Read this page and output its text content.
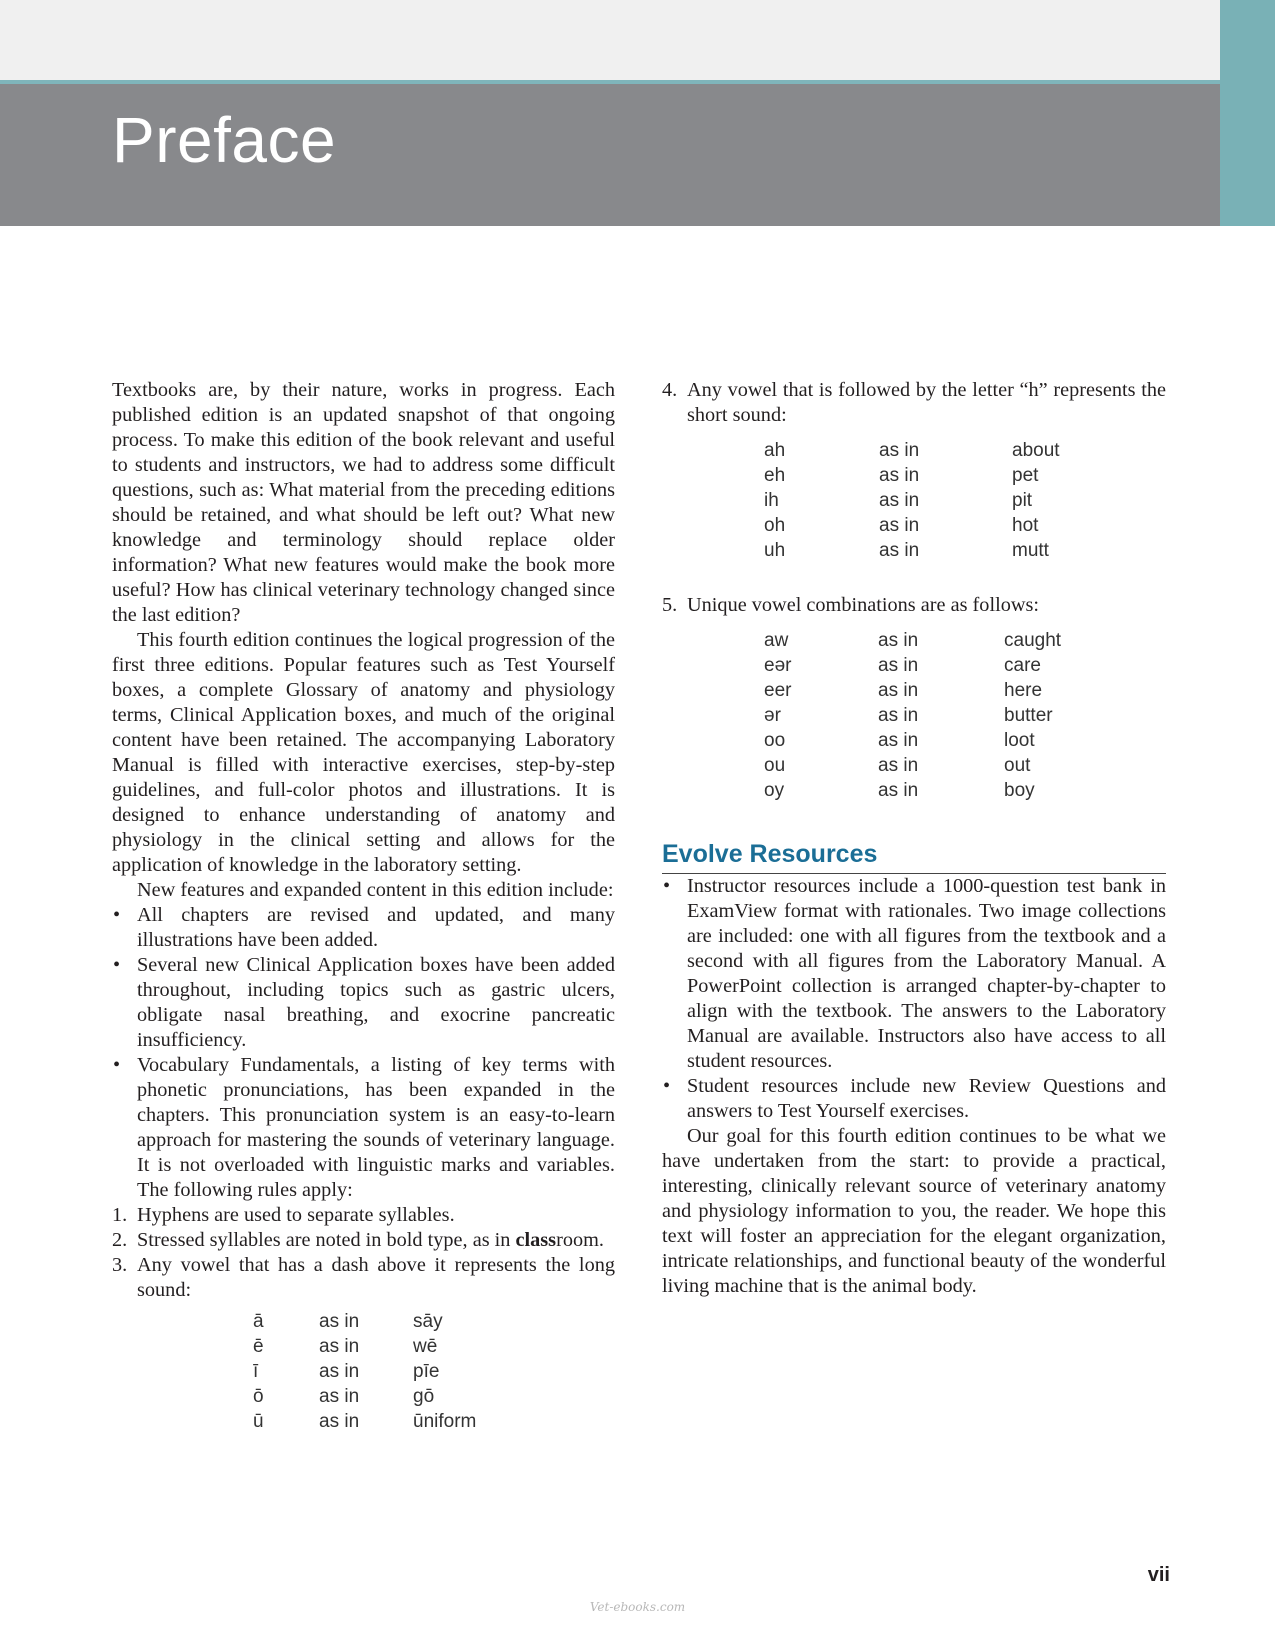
Preface

Textbooks are, by their nature, works in progress. Each published edition is an updated snapshot of that ongoing process. To make this edition of the book relevant and useful to students and instructors, we had to address some difficult questions, such as: What material from the preceding editions should be retained, and what should be left out? What new knowledge and terminology should replace older information? What new features would make the book more useful? How has clinical veterinary technology changed since the last edition?

This fourth edition continues the logical progression of the first three editions. Popular features such as Test Yourself boxes, a complete Glossary of anatomy and physiology terms, Clinical Application boxes, and much of the original content have been retained. The accompanying Laboratory Manual is filled with interactive exercises, step-by-step guidelines, and full-color photos and illustrations. It is designed to enhance understanding of anatomy and physiology in the clinical setting and allows for the application of knowledge in the laboratory setting.

New features and expanded content in this edition include:

• All chapters are revised and updated, and many illustrations have been added.
• Several new Clinical Application boxes have been added throughout, including topics such as gastric ulcers, obligate nasal breathing, and exocrine pancreatic insufficiency.
• Vocabulary Fundamentals, a listing of key terms with phonetic pronunciations, has been expanded in the chapters. This pronunciation system is an easy-to-learn approach for mastering the sounds of veterinary language. It is not overloaded with linguistic marks and variables. The following rules apply:
1. Hyphens are used to separate syllables.
2. Stressed syllables are noted in bold type, as in classroom.
3. Any vowel that has a dash above it represents the long sound:
ā	as in	sāy
ē	as in	wē
ī	as in	pīe
ō	as in	gō
ū	as in	ūniform
4. Any vowel that is followed by the letter “h” represents the short sound:
ah	as in	about
eh	as in	pet
ih	as in	pit
oh	as in	hot
uh	as in	mutt
5. Unique vowel combinations are as follows:
aw	as in	caught
eər	as in	care
eer	as in	here
ər	as in	butter
oo	as in	loot
ou	as in	out
oy	as in	boy
Evolve Resources
• Instructor resources include a 1000-question test bank in ExamView format with rationales. Two image collections are included: one with all figures from the textbook and a second with all figures from the Laboratory Manual. A PowerPoint collection is arranged chapter-by-chapter to align with the textbook. The answers to the Laboratory Manual are available. Instructors also have access to all student resources.
• Student resources include new Review Questions and answers to Test Yourself exercises.

Our goal for this fourth edition continues to be what we have undertaken from the start: to provide a practical, interesting, clinically relevant source of veterinary anatomy and physiology information to you, the reader. We hope this text will foster an appreciation for the elegant organization, intricate relationships, and functional beauty of the wonderful living machine that is the animal body.

vii
Vet-ebooks.com
